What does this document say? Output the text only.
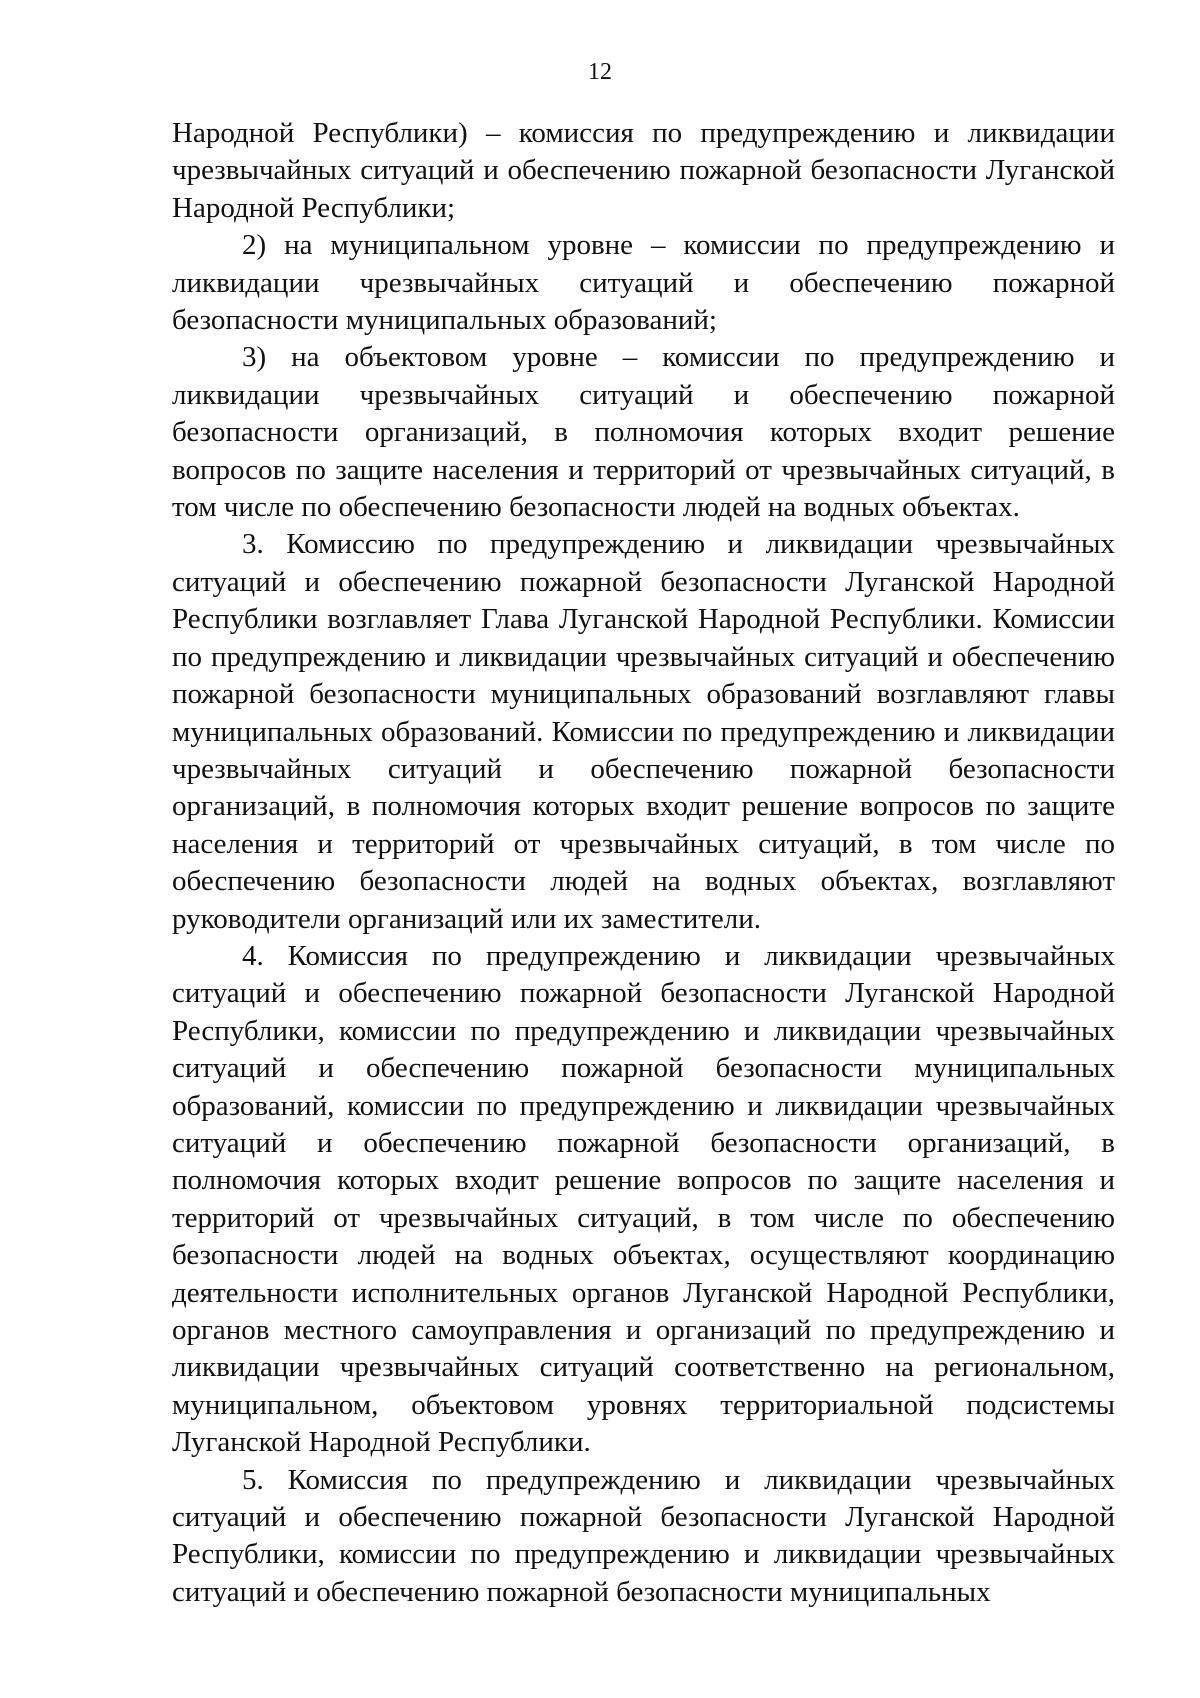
12

Народной Республики) – комиссия по предупреждению и ликвидации чрезвычайных ситуаций и обеспечению пожарной безопасности Луганской Народной Республики;

2) на муниципальном уровне – комиссии по предупреждению и ликвидации чрезвычайных ситуаций и обеспечению пожарной безопасности муниципальных образований;

3) на объектовом уровне – комиссии по предупреждению и ликвидации чрезвычайных ситуаций и обеспечению пожарной безопасности организаций, в полномочия которых входит решение вопросов по защите населения и территорий от чрезвычайных ситуаций, в том числе по обеспечению безопасности людей на водных объектах.

3. Комиссию по предупреждению и ликвидации чрезвычайных ситуаций и обеспечению пожарной безопасности Луганской Народной Республики возглавляет Глава Луганской Народной Республики. Комиссии по предупреждению и ликвидации чрезвычайных ситуаций и обеспечению пожарной безопасности муниципальных образований возглавляют главы муниципальных образований. Комиссии по предупреждению и ликвидации чрезвычайных ситуаций и обеспечению пожарной безопасности организаций, в полномочия которых входит решение вопросов по защите населения и территорий от чрезвычайных ситуаций, в том числе по обеспечению безопасности людей на водных объектах, возглавляют руководители организаций или их заместители.

4. Комиссия по предупреждению и ликвидации чрезвычайных ситуаций и обеспечению пожарной безопасности Луганской Народной Республики, комиссии по предупреждению и ликвидации чрезвычайных ситуаций и обеспечению пожарной безопасности муниципальных образований, комиссии по предупреждению и ликвидации чрезвычайных ситуаций и обеспечению пожарной безопасности организаций, в полномочия которых входит решение вопросов по защите населения и территорий от чрезвычайных ситуаций, в том числе по обеспечению безопасности людей на водных объектах, осуществляют координацию деятельности исполнительных органов Луганской Народной Республики, органов местного самоуправления и организаций по предупреждению и ликвидации чрезвычайных ситуаций соответственно на региональном, муниципальном, объектовом уровнях территориальной подсистемы Луганской Народной Республики.

5. Комиссия по предупреждению и ликвидации чрезвычайных ситуаций и обеспечению пожарной безопасности Луганской Народной Республики, комиссии по предупреждению и ликвидации чрезвычайных ситуаций и обеспечению пожарной безопасности муниципальных
